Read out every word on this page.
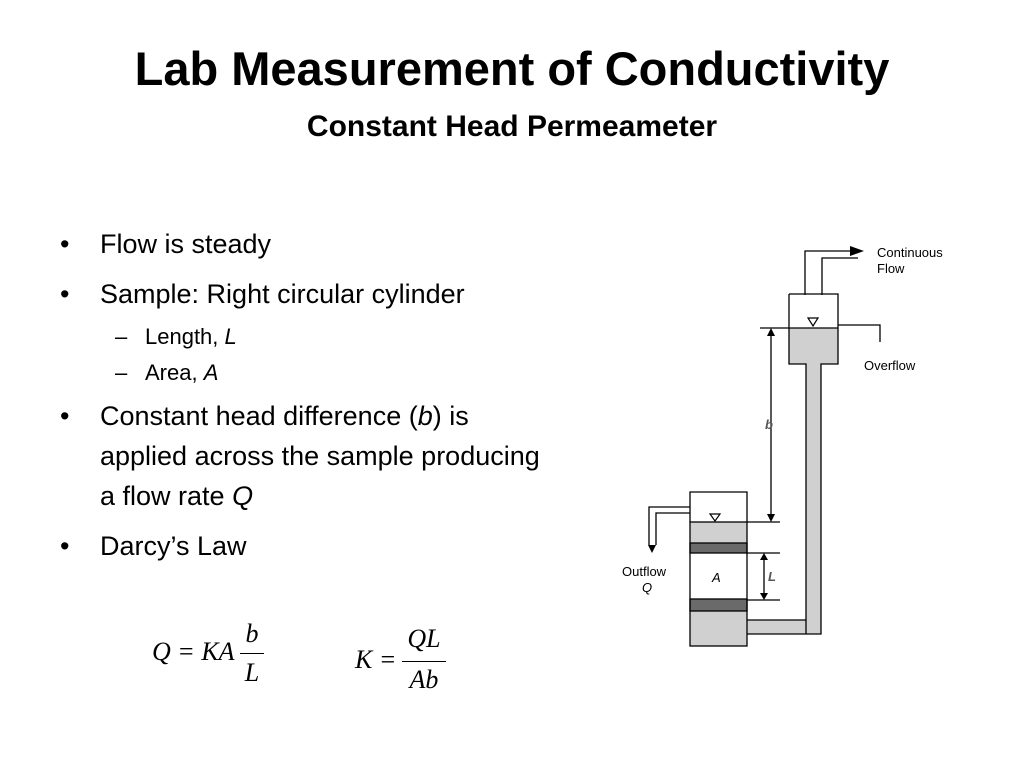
Lab Measurement of Conductivity
Constant Head Permeameter
• Flow is steady
• Sample: Right circular cylinder
– Length, L
– Area, A
• Constant head difference (b) is applied across the sample producing a flow rate Q
• Darcy’s Law
Q = KA
b
L	K =
QL
Ab
Continuous
Flow
Overflow
b
Outflow
Q
A	L
